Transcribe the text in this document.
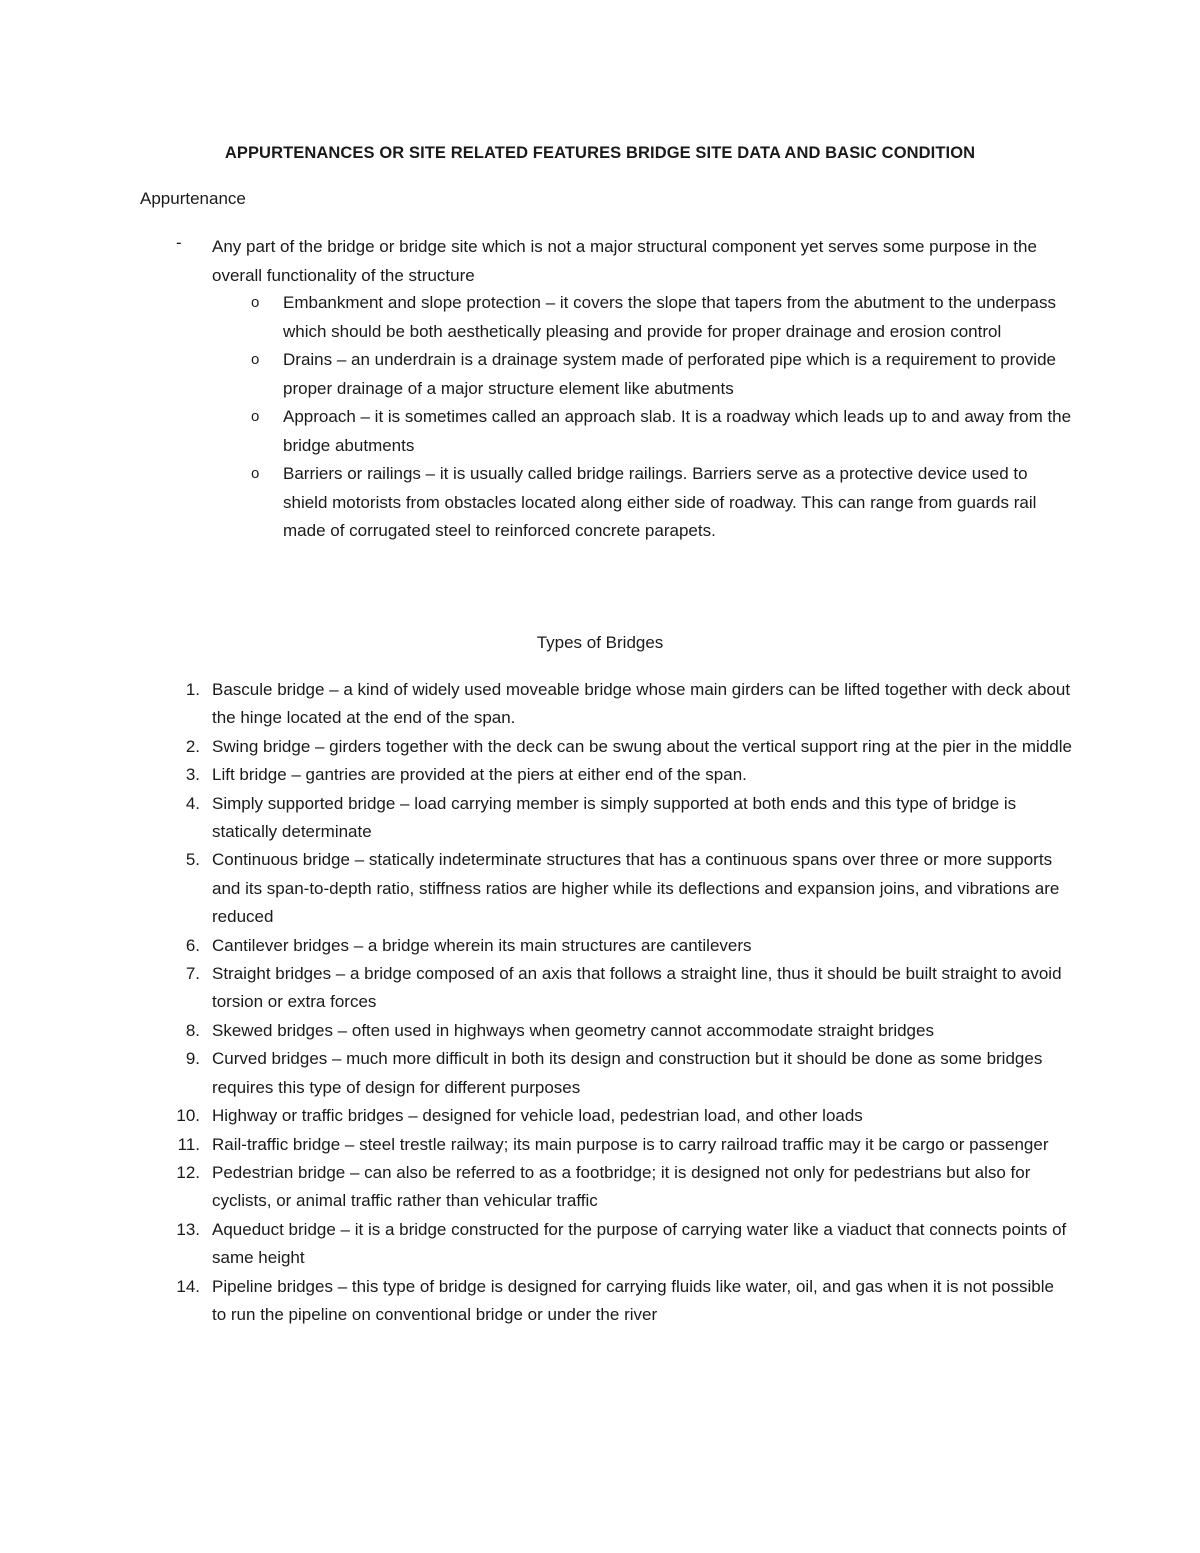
APPURTENANCES OR SITE RELATED FEATURES BRIDGE SITE DATA AND BASIC CONDITION
Appurtenance
- Any part of the bridge or bridge site which is not a major structural component yet serves some purpose in the overall functionality of the structure
o Embankment and slope protection – it covers the slope that tapers from the abutment to the underpass which should be both aesthetically pleasing and provide for proper drainage and erosion control
o Drains – an underdrain is a drainage system made of perforated pipe which is a requirement to provide proper drainage of a major structure element like abutments
o Approach – it is sometimes called an approach slab. It is a roadway which leads up to and away from the bridge abutments
o Barriers or railings – it is usually called bridge railings. Barriers serve as a protective device used to shield motorists from obstacles located along either side of roadway. This can range from guards rail made of corrugated steel to reinforced concrete parapets.
Types of Bridges
1. Bascule bridge – a kind of widely used moveable bridge whose main girders can be lifted together with deck about the hinge located at the end of the span.
2. Swing bridge – girders together with the deck can be swung about the vertical support ring at the pier in the middle
3. Lift bridge – gantries are provided at the piers at either end of the span.
4. Simply supported bridge – load carrying member is simply supported at both ends and this type of bridge is statically determinate
5. Continuous bridge – statically indeterminate structures that has a continuous spans over three or more supports and its span-to-depth ratio, stiffness ratios are higher while its deflections and expansion joins, and vibrations are reduced
6. Cantilever bridges – a bridge wherein its main structures are cantilevers
7. Straight bridges – a bridge composed of an axis that follows a straight line, thus it should be built straight to avoid torsion or extra forces
8. Skewed bridges – often used in highways when geometry cannot accommodate straight bridges
9. Curved bridges – much more difficult in both its design and construction but it should be done as some bridges requires this type of design for different purposes
10. Highway or traffic bridges – designed for vehicle load, pedestrian load, and other loads
11. Rail-traffic bridge – steel trestle railway; its main purpose is to carry railroad traffic may it be cargo or passenger
12. Pedestrian bridge – can also be referred to as a footbridge; it is designed not only for pedestrians but also for cyclists, or animal traffic rather than vehicular traffic
13. Aqueduct bridge – it is a bridge constructed for the purpose of carrying water like a viaduct that connects points of same height
14. Pipeline bridges – this type of bridge is designed for carrying fluids like water, oil, and gas when it is not possible to run the pipeline on conventional bridge or under the river
